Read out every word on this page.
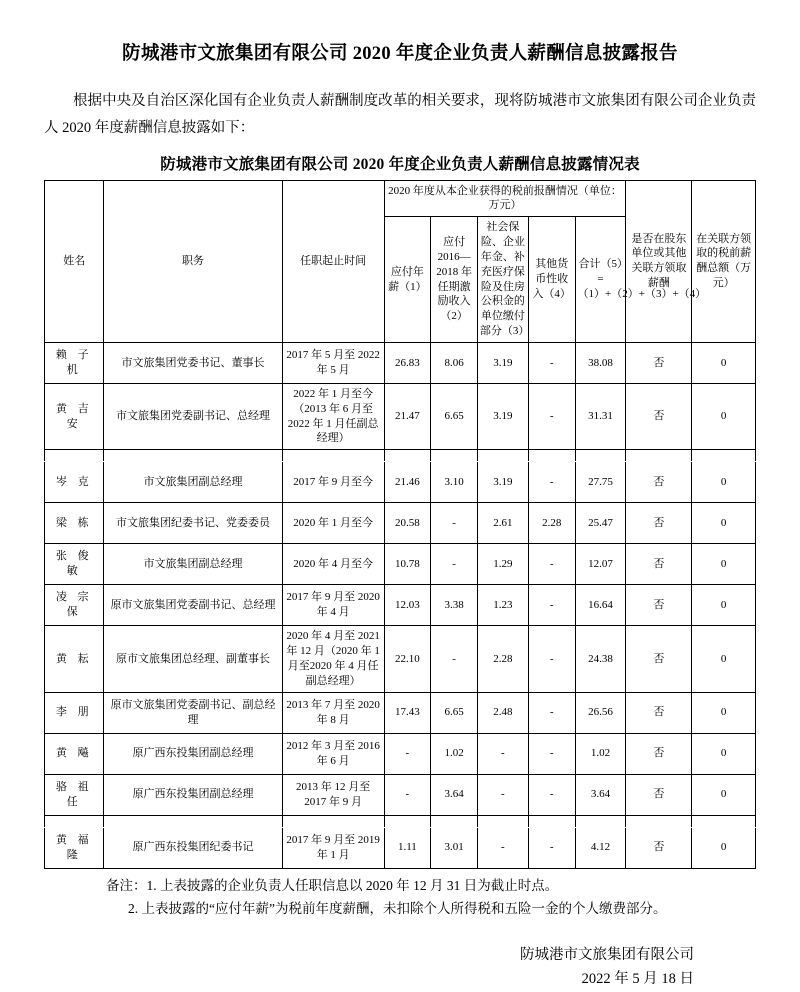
防城港市文旅集团有限公司 2020 年度企业负责人薪酬信息披露报告

根据中央及自治区深化国有企业负责人薪酬制度改革的相关要求，现将防城港市文旅集团有限公司企业负责人 2020 年度薪酬信息披露如下：

防城港市文旅集团有限公司 2020 年度企业负责人薪酬信息披露情况表
姓名	职务	任职起止时间	2020 年度从本企业获得的税前报酬情况（单位：万元）					是否在股东单位或其他关联方领取薪酬	在关联方领取的税前薪酬总额（万元）
			应付年薪（1）	应付 2016—2018 年任期激励收入（2）	社会保险、企业年金、补充医疗保险及住房公积金的单位缴付部分（3）	其他货币性收入（4）	合计（5）=（1）+（2）+（3）+（4）		
赖 子 机	市文旅集团党委书记、董事长	2017 年 5 月至 2022 年 5 月	26.83	8.06	3.19	-	38.08	否	0
黄 吉 安	市文旅集团党委副书记、总经理	2022 年 1 月至今（2013 年 6 月至2022 年 1 月任副总经理）	21.47	6.65	3.19	-	31.31	否	0

岑 克	市文旅集团副总经理	2017 年 9 月至今	21.46	3.10	3.19	-	27.75	否	0
梁 栋	市文旅集团纪委书记、党委委员	2020 年 1 月至今	20.58	-	2.61	2.28	25.47	否	0
张 俊 敏	市文旅集团副总经理	2020 年 4 月至今	10.78	-	1.29	-	12.07	否	0
凌 宗 保	原市文旅集团党委副书记、总经理	2017 年 9 月至 2020 年 4 月	12.03	3.38	1.23	-	16.64	否	0
黄 耘	原市文旅集团总经理、副董事长	2020 年 4 月至 2021 年 12 月（2020 年 1 月至2020 年 4 月任副总经理）	22.10	-	2.28	-	24.38	否	0
李 朋	原市文旅集团党委副书记、副总经理	2013 年 7 月至 2020 年 8 月	17.43	6.65	2.48	-	26.56	否	0
黄 飚	原广西东投集团副总经理	2012 年 3 月至 2016 年 6 月	-	1.02	-	-	1.02	否	0
骆 祖 任	原广西东投集团副总经理	2013 年 12 月至 2017 年 9 月	-	3.64	-	-	3.64	否	0

黄 福 隆	原广西东投集团纪委书记	2017 年 9 月至 2019 年 1 月	1.11	3.01	-	-	4.12	否	0
备注：1. 上表披露的企业负责人任职信息以 2020 年 12 月 31 日为截止时点。
2. 上表披露的“应付年薪”为税前年度薪酬，未扣除个人所得税和五险一金的个人缴费部分。
防城港市文旅集团有限公司
2022 年 5 月 18 日
